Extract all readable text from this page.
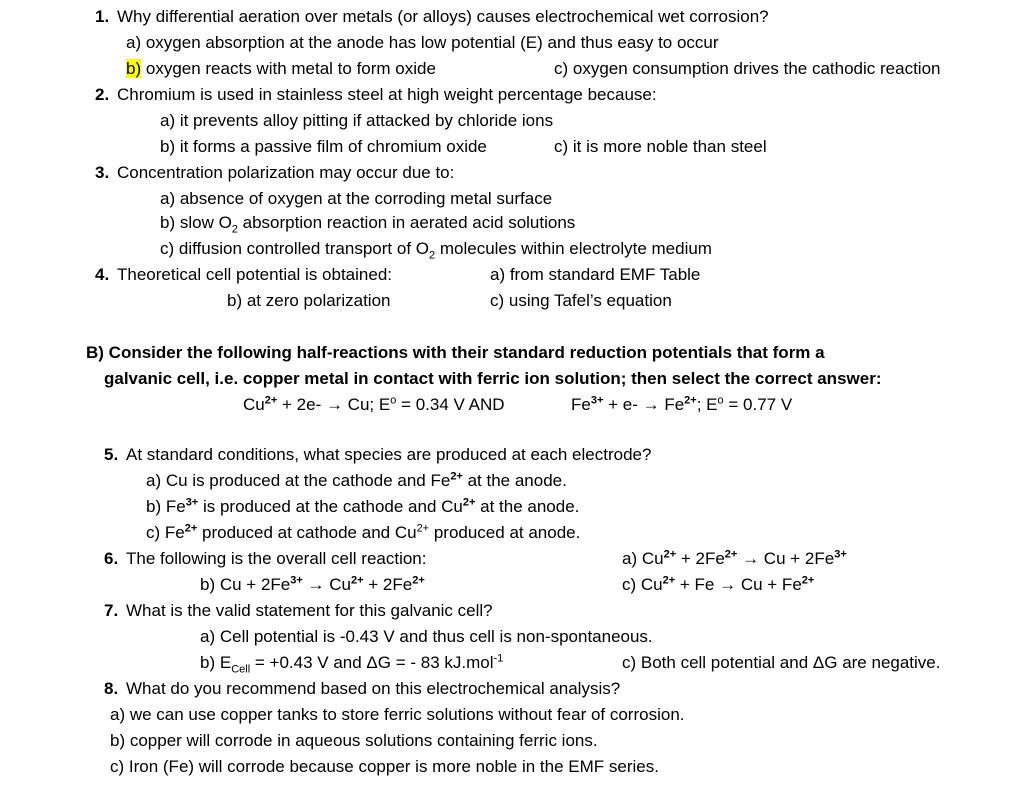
1. Why differential aeration over metals (or alloys) causes electrochemical wet corrosion?
a) oxygen absorption at the anode has low potential (E) and thus easy to occur
b) oxygen reacts with metal to form oxide	c) oxygen consumption drives the cathodic reaction
2. Chromium is used in stainless steel at high weight percentage because:
a) it prevents alloy pitting if attacked by chloride ions
b) it forms a passive film of chromium oxide	c) it is more noble than steel
3. Concentration polarization may occur due to:
a) absence of oxygen at the corroding metal surface
b) slow $O_2$ absorption reaction in aerated acid solutions
c) diffusion controlled transport of $O_2$ molecules within electrolyte medium
4. Theoretical cell potential is obtained:	a) from standard EMF Table
b) at zero polarization	c) using Tafel’s equation
B) Consider the following half-reactions with their standard reduction potentials that form a
galvanic cell, i.e. copper metal in contact with ferric ion solution; then select the correct answer:
$Cu^{2+} + 2e- \to Cu$; $E^o = 0.34$ V AND	$Fe^{3+} + e- \to Fe^{2+}$; $E^o = 0.77$ V
5. At standard conditions, what species are produced at each electrode?
a) Cu is produced at the cathode and $Fe^{2+}$ at the anode.
b) $Fe^{3+}$ is produced at the cathode and $Cu^{2+}$ at the anode.
c) $Fe^{2+}$ produced at cathode and $Cu^{2+}$ produced at anode.
6. The following is the overall cell reaction:	a) $Cu^{2+} + 2Fe^{2+} \to Cu + 2Fe^{3+}$
b) $Cu + 2Fe^{3+} \to Cu^{2+} + 2Fe^{2+}$	c) $Cu^{2+} + Fe \to Cu + Fe^{2+}$
7. What is the valid statement for this galvanic cell?
a) Cell potential is -0.43 V and thus cell is non-spontaneous.
b) $E_{Cell} = +0.43$ V and ΔG = - 83 kJ.mol$^{-1}$	c) Both cell potential and ΔG are negative.
8. What do you recommend based on this electrochemical analysis?
a) we can use copper tanks to store ferric solutions without fear of corrosion.
b) copper will corrode in aqueous solutions containing ferric ions.
c) Iron (Fe) will corrode because copper is more noble in the EMF series.
